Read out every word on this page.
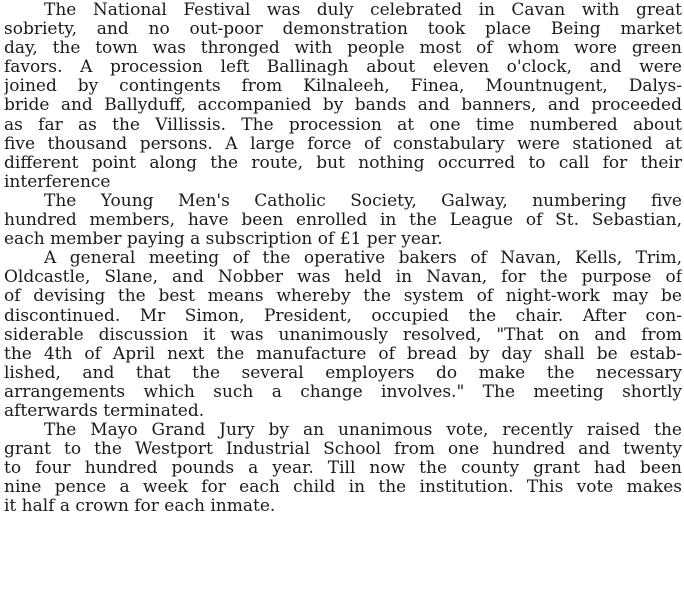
The National Festival was duly celebrated in Cavan with great
sobriety, and no out-poor demonstration took place Being market
day, the town was thronged with people most of whom wore green
favors. A procession left Ballinagh about eleven o'clock, and were
joined by contingents from Kilnaleeh, Finea, Mountnugent, Dalys-
bride and Ballyduff, accompanied by bands and banners, and proceeded
as far as the Villissis. The procession at one time numbered about
five thousand persons. A large force of constabulary were stationed at
different point along the route, but nothing occurred to call for their
interference
The Young Men's Catholic Society, Galway, numbering five
hundred members, have been enrolled in the League of St. Sebastian,
each member paying a subscription of £1 per year.
A general meeting of the operative bakers of Navan, Kells, Trim,
Oldcastle, Slane, and Nobber was held in Navan, for the purpose of
of devising the best means whereby the system of night-work may be
discontinued. Mr Simon, President, occupied the chair. After con-
siderable discussion it was unanimously resolved, "That on and from
the 4th of April next the manufacture of bread by day shall be estab-
lished, and that the several employers do make the necessary
arrangements which such a change involves." The meeting shortly
afterwards terminated.
The Mayo Grand Jury by an unanimous vote, recently raised the
grant to the Westport Industrial School from one hundred and twenty
to four hundred pounds a year. Till now the county grant had been
nine pence a week for each child in the institution. This vote makes
it half a crown for each inmate.
